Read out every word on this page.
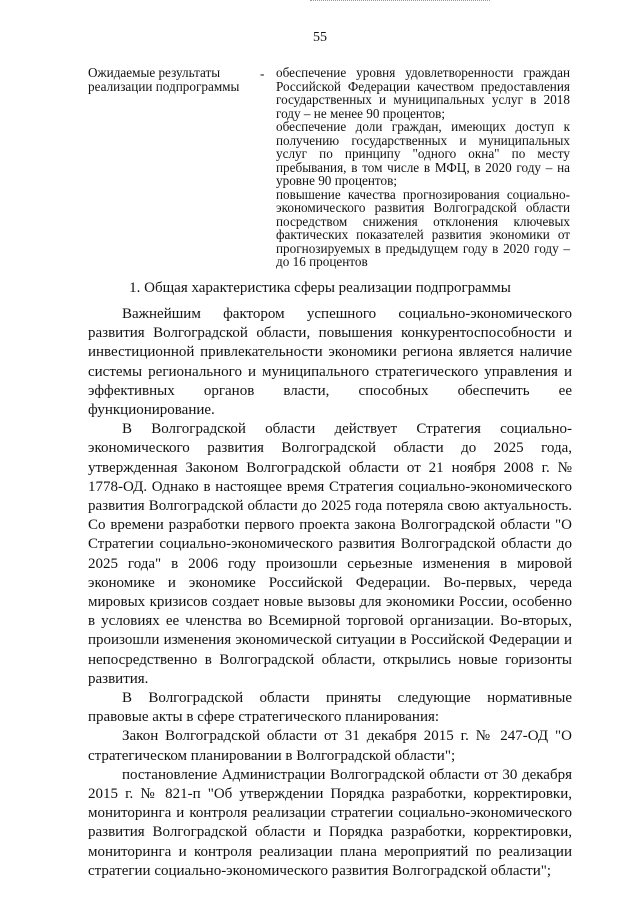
55
Ожидаемые результаты реализации подпрограммы
- обеспечение уровня удовлетворенности граждан Российской Федерации качеством предоставления государственных и муниципальных услуг в 2018 году – не менее 90 процентов;

обеспечение доли граждан, имеющих доступ к получению государственных и муниципальных услуг по принципу "одного окна" по месту пребывания, в том числе в МФЦ, в 2020 году – на уровне 90 процентов;

повышение качества прогнозирования социально-экономического развития Волгоградской области посредством снижения отклонения ключевых фактических показателей развития экономики от прогнозируемых в предыдущем году в 2020 году – до 16 процентов

1. Общая характеристика сферы реализации подпрограммы

Важнейшим фактором успешного социально-экономического развития Волгоградской области, повышения конкурентоспособности и инвестиционной привлекательности экономики региона является наличие системы регионального и муниципального стратегического управления и эффективных органов власти, способных обеспечить ее функционирование.

В Волгоградской области действует Стратегия социально-экономического развития Волгоградской области до 2025 года, утвержденная Законом Волгоградской области от 21 ноября 2008 г. № 1778-ОД. Однако в настоящее время Стратегия социально-экономического развития Волгоградской области до 2025 года потеряла свою актуальность. Со времени разработки первого проекта закона Волгоградской области "О Стратегии социально-экономического развития Волгоградской области до 2025 года" в 2006 году произошли серьезные изменения в мировой экономике и экономике Российской Федерации. Во-первых, череда мировых кризисов создает новые вызовы для экономики России, особенно в условиях ее членства во Всемирной торговой организации. Во-вторых, произошли изменения экономической ситуации в Российской Федерации и непосредственно в Волгоградской области, открылись новые горизонты развития.

В Волгоградской области приняты следующие нормативные правовые акты в сфере стратегического планирования:

Закон Волгоградской области от 31 декабря 2015 г. № 247-ОД "О стратегическом планировании в Волгоградской области";

постановление Администрации Волгоградской области от 30 декабря 2015 г. № 821-п "Об утверждении Порядка разработки, корректировки, мониторинга и контроля реализации стратегии социально-экономического развития Волгоградской области и Порядка разработки, корректировки, мониторинга и контроля реализации плана мероприятий по реализации стратегии социально-экономического развития Волгоградской области";
